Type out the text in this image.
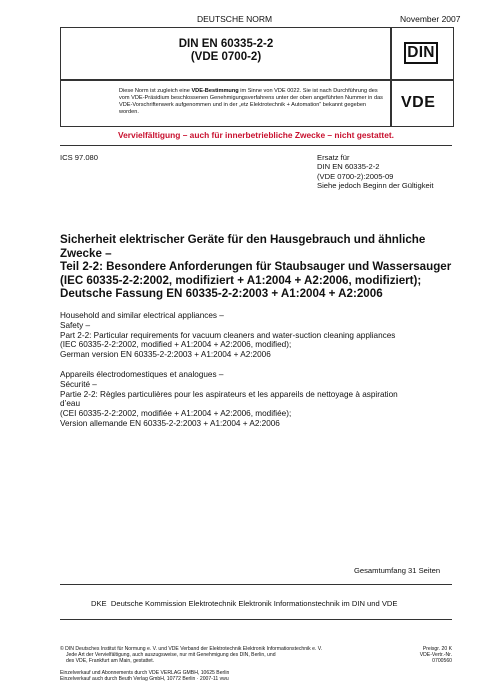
DEUTSCHE NORM	November 2007
DIN EN 60335-2-2
(VDE 0700-2)	DIN
Diese Norm ist zugleich eine VDE-Bestimmung im Sinne von VDE 0022. Sie ist nach Durchführung des vom VDE-Präsidium beschlossenen Genehmigungsverfahrens unter der oben angeführten Nummer in das VDE-Vorschriftenwerk aufgenommen und in der „etz Elektrotechnik + Automation“ bekannt gegeben worden.
VDE
Vervielfältigung – auch für innerbetriebliche Zwecke – nicht gestattet.
ICS 97.080	Ersatz für
DIN EN 60335-2-2
(VDE 0700-2):2005-09
Siehe jedoch Beginn der Gültigkeit
Sicherheit elektrischer Geräte für den Hausgebrauch und ähnliche
Zwecke –
Teil 2-2: Besondere Anforderungen für Staubsauger und Wassersauger
(IEC 60335-2-2:2002, modifiziert + A1:2004 + A2:2006, modifiziert);
Deutsche Fassung EN 60335-2-2:2003 + A1:2004 + A2:2006
Household and similar electrical appliances –
Safety –
Part 2-2: Particular requirements for vacuum cleaners and water-suction cleaning appliances
(IEC 60335-2-2:2002, modified + A1:2004 + A2:2006, modified);
German version EN 60335-2-2:2003 + A1:2004 + A2:2006
Appareils électrodomestiques et analogues –
Sécurité –
Partie 2-2: Règles particulières pour les aspirateurs et les appareils de nettoyage à aspiration
d’eau
(CEI 60335-2-2:2002, modifiée + A1:2004 + A2:2006, modifiée);
Version allemande EN 60335-2-2:2003 + A1:2004 + A2:2006
Gesamtumfang 31 Seiten
DKE Deutsche Kommission Elektrotechnik Elektronik Informationstechnik im DIN und VDE
© DIN Deutsches Institut für Normung e. V. und VDE Verband der Elektrotechnik Elektronik Informationstechnik e. V.
Jede Art der Vervielfältigung, auch auszugsweise, nur mit Genehmigung des DIN, Berlin, und
des VDE, Frankfurt am Main, gestattet.
Preisgr. 20 K
VDE-Vertr.-Nr. 0700560
Einzelverkauf und Abonnements durch VDE VERLAG GMBH, 10625 Berlin
Einzelverkauf auch durch Beuth Verlag GmbH, 10772 Berlin · 2007-11 vwu
